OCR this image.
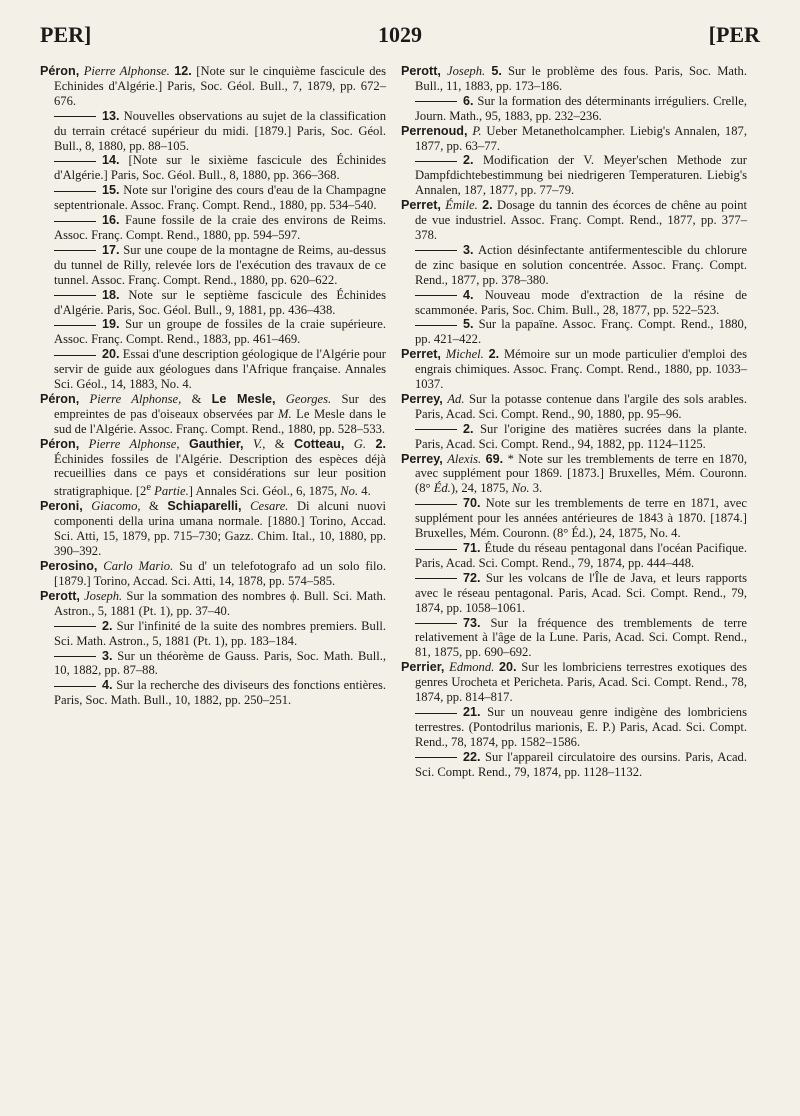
PER]	1029	[PER

Péron, Pierre Alphonse. 12. [Note sur le cinquième fascicule des Echinides d'Algérie.] Paris, Soc. Géol. Bull., 7, 1879, pp. 672–676.

13. Nouvelles observations au sujet de la classification du terrain crétacé supérieur du midi. [1879.] Paris, Soc. Géol. Bull., 8, 1880, pp. 88–105.

14. [Note sur le sixième fascicule des Échinides d'Algérie.] Paris, Soc. Géol. Bull., 8, 1880, pp. 366–368.

15. Note sur l'origine des cours d'eau de la Champagne septentrionale. Assoc. Franç. Compt. Rend., 1880, pp. 534–540.

16. Faune fossile de la craie des environs de Reims. Assoc. Franç. Compt. Rend., 1880, pp. 594–597.

17. Sur une coupe de la montagne de Reims, au-dessus du tunnel de Rilly, relevée lors de l'exécution des travaux de ce tunnel. Assoc. Franç. Compt. Rend., 1880, pp. 620–622.

18. Note sur le septième fascicule des Échinides d'Algérie. Paris, Soc. Géol. Bull., 9, 1881, pp. 436–438.

19. Sur un groupe de fossiles de la craie supérieure. Assoc. Franç. Compt. Rend., 1883, pp. 461–469.

20. Essai d'une description géologique de l'Algérie pour servir de guide aux géologues dans l'Afrique française. Annales Sci. Géol., 14, 1883, No. 4.

Péron, Pierre Alphonse, & Le Mesle, Georges. Sur des empreintes de pas d'oiseaux observées par M. Le Mesle dans le sud de l'Algérie. Assoc. Franç. Compt. Rend., 1880, pp. 528–533.

Péron, Pierre Alphonse, Gauthier, V., & Cotteau, G. 2. Échinides fossiles de l'Algérie. Description des espèces déjà recueillies dans ce pays et considérations sur leur position stratigraphique. [2e Partie.] Annales Sci. Géol., 6, 1875, No. 4.

Peroni, Giacomo, & Schiaparelli, Cesare. Di alcuni nuovi componenti della urina umana normale. [1880.] Torino, Accad. Sci. Atti, 15, 1879, pp. 715–730; Gazz. Chim. Ital., 10, 1880, pp. 390–392.

Perosino, Carlo Mario. Su d' un telefotografo ad un solo filo. [1879.] Torino, Accad. Sci. Atti, 14, 1878, pp. 574–585.

Perott, Joseph. Sur la sommation des nombres ϕ. Bull. Sci. Math. Astron., 5, 1881 (Pt. 1), pp. 37–40.

2. Sur l'infinité de la suite des nombres premiers. Bull. Sci. Math. Astron., 5, 1881 (Pt. 1), pp. 183–184.

3. Sur un théorème de Gauss. Paris, Soc. Math. Bull., 10, 1882, pp. 87–88.

4. Sur la recherche des diviseurs des fonctions entières. Paris, Soc. Math. Bull., 10, 1882, pp. 250–251.

Perott, Joseph. 5. Sur le problème des fous. Paris, Soc. Math. Bull., 11, 1883, pp. 173–186.

6. Sur la formation des déterminants irréguliers. Crelle, Journ. Math., 95, 1883, pp. 232–236.

Perrenoud, P. Ueber Metanetholcampher. Liebig's Annalen, 187, 1877, pp. 63–77.

2. Modification der V. Meyer'schen Methode zur Dampfdichtebestimmung bei niedrigeren Temperaturen. Liebig's Annalen, 187, 1877, pp. 77–79.

Perret, Émile. 2. Dosage du tannin des écorces de chêne au point de vue industriel. Assoc. Franç. Compt. Rend., 1877, pp. 377–378.

3. Action désinfectante antifermentescible du chlorure de zinc basique en solution concentrée. Assoc. Franç. Compt. Rend., 1877, pp. 378–380.

4. Nouveau mode d'extraction de la résine de scammonée. Paris, Soc. Chim. Bull., 28, 1877, pp. 522–523.

5. Sur la papaïne. Assoc. Franç. Compt. Rend., 1880, pp. 421–422.

Perret, Michel. 2. Mémoire sur un mode particulier d'emploi des engrais chimiques. Assoc. Franç. Compt. Rend., 1880, pp. 1033–1037.

Perrey, Ad. Sur la potasse contenue dans l'argile des sols arables. Paris, Acad. Sci. Compt. Rend., 90, 1880, pp. 95–96.

2. Sur l'origine des matières sucrées dans la plante. Paris, Acad. Sci. Compt. Rend., 94, 1882, pp. 1124–1125.

Perrey, Alexis. 69. * Note sur les tremblements de terre en 1870, avec supplément pour 1869. [1873.] Bruxelles, Mém. Couronn. (8° Éd.), 24, 1875, No. 3.

70. Note sur les tremblements de terre en 1871, avec supplément pour les années antérieures de 1843 à 1870. [1874.] Bruxelles, Mém. Couronn. (8° Éd.), 24, 1875, No. 4.

71. Étude du réseau pentagonal dans l'océan Pacifique. Paris, Acad. Sci. Compt. Rend., 79, 1874, pp. 444–448.

72. Sur les volcans de l'Île de Java, et leurs rapports avec le réseau pentagonal. Paris, Acad. Sci. Compt. Rend., 79, 1874, pp. 1058–1061.

73. Sur la fréquence des tremblements de terre relativement à l'âge de la Lune. Paris, Acad. Sci. Compt. Rend., 81, 1875, pp. 690–692.

Perrier, Edmond. 20. Sur les lombriciens terrestres exotiques des genres Urocheta et Pericheta. Paris, Acad. Sci. Compt. Rend., 78, 1874, pp. 814–817.

21. Sur un nouveau genre indigène des lombriciens terrestres. (Pontodrilus marionis, E. P.) Paris, Acad. Sci. Compt. Rend., 78, 1874, pp. 1582–1586.

22. Sur l'appareil circulatoire des oursins. Paris, Acad. Sci. Compt. Rend., 79, 1874, pp. 1128–1132.
